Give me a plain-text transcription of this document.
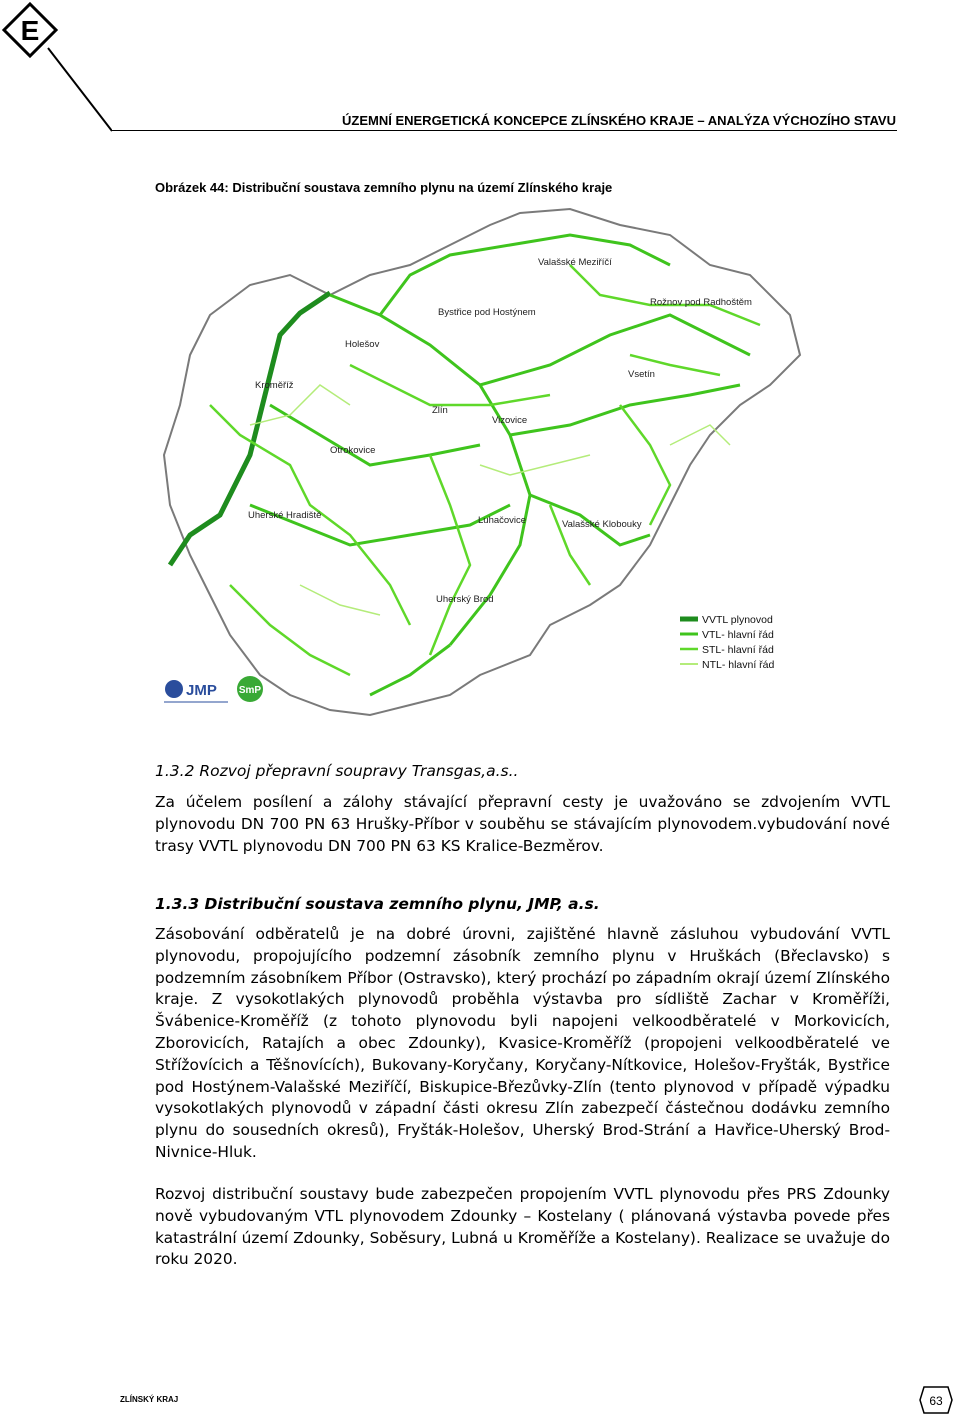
E
ÚZEMNÍ ENERGETICKÁ KONCEPCE ZLÍNSKÉHO KRAJE – ANALÝZA VÝCHOZÍHO STAVU
Obrázek 44: Distribuční soustava zemního plynu na území Zlínského kraje
Valašské Meziříčí
Bystřice pod Hostýnem
Rožnov pod Radhoštěm
Holešov
Kroměříž
Vsetín
Zlín
Vizovice
Otrokovice
Uherské Hradiště	Luhačovice	Valašské Klobouky
Uherský Brod
VVTL plynovod
VTL- hlavní řád
STL- hlavní řád
NTL- hlavní řád
JMP SmP
1.3.2 Rozvoj přepravní soupravy Transgas,a.s..
Za účelem posílení a zálohy stávající přepravní cesty je uvažováno se zdvojením VVTL plynovodu DN 700 PN 63 Hrušky-Příbor v souběhu se stávajícím plynovodem.vybudování nové trasy VVTL plynovodu DN 700 PN 63 KS Kralice-Bezměrov.
1.3.3 Distribuční soustava zemního plynu, JMP, a.s.
Zásobování odběratelů je na dobré úrovni, zajištěné hlavně zásluhou vybudování VVTL plynovodu, propojujícího podzemní zásobník zemního plynu v Hruškách (Břeclavsko) s podzemním zásobníkem Příbor (Ostravsko), který prochází po západním okrají území Zlínského kraje. Z vysokotlakých plynovodů proběhla výstavba pro sídliště Zachar v Kroměříži, Švábenice-Kroměříž (z tohoto plynovodu byli napojeni velkoodběratelé v Morkovicích, Zborovicích, Ratajích a obec Zdounky), Kvasice-Kroměříž (propojeni velkoodběratelé ve Střížovícich a Těšnovících), Bukovany-Koryčany, Koryčany-Nítkovice, Holešov-Fryšták, Bystřice pod Hostýnem-Valašské Meziříčí, Biskupice-Březůvky-Zlín (tento plynovod v případě výpadku vysokotlakých plynovodů v západní části okresu Zlín zabezpečí částečnou dodávku zemního plynu do sousedních okresů), Fryšták-Holešov, Uherský Brod-Strání a Havřice-Uherský Brod-Nivnice-Hluk.
Rozvoj distribuční soustavy bude zabezpečen propojením VVTL plynovodu přes PRS Zdounky nově vybudovaným VTL plynovodem Zdounky – Kostelany ( plánovaná výstavba povede přes katastrální území Zdounky, Soběsury, Lubná u Kroměříže a Kostelany). Realizace se uvažuje do roku 2020.
ZLÍNSKÝ KRAJ	63
